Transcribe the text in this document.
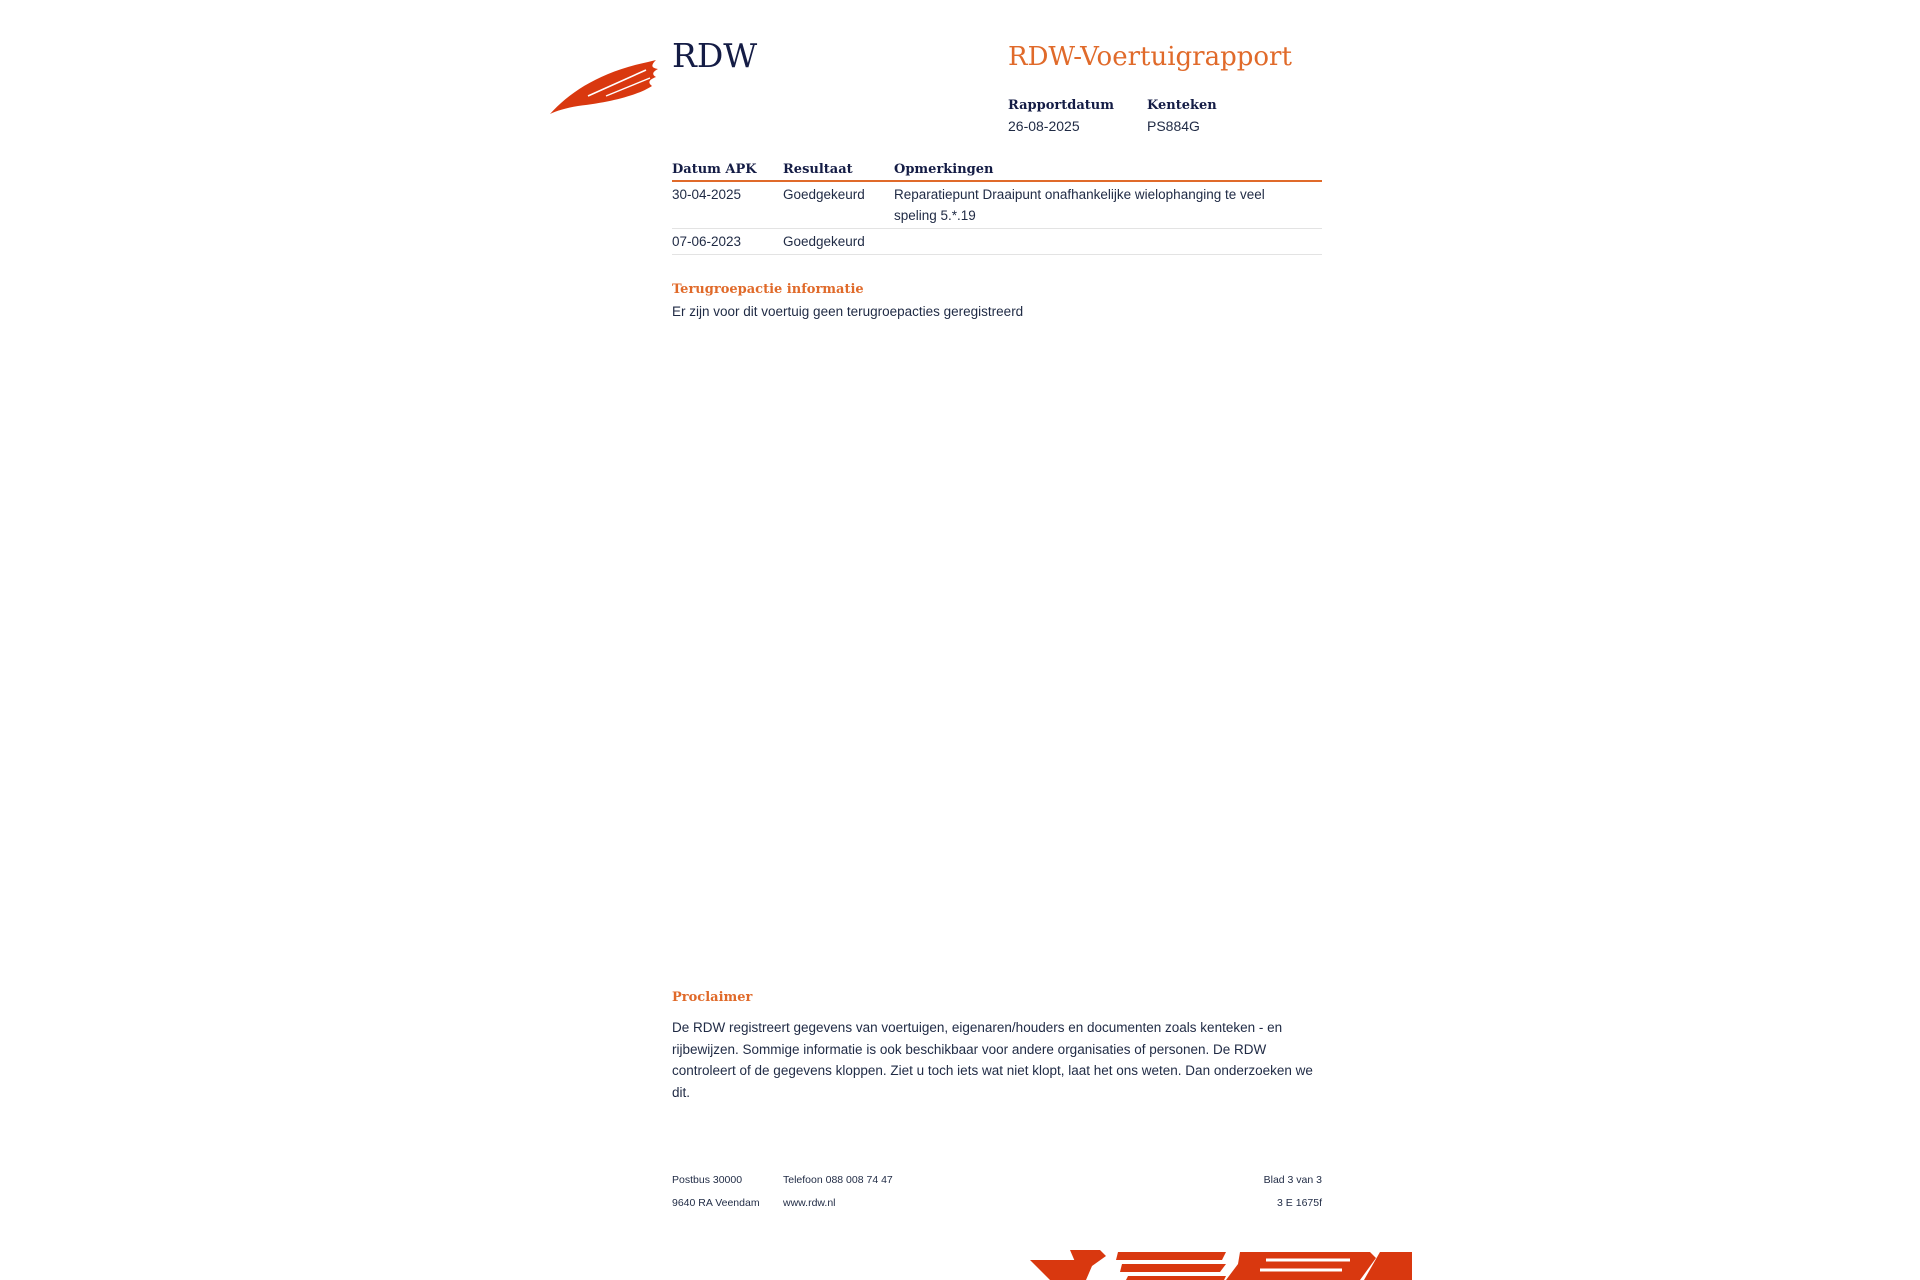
RDW	RDW-Voertuigrapport
Rapportdatum
26-08-2025
Kenteken
PS884G
Datum APK	Resultaat	Opmerkingen
30-04-2025	Goedgekeurd	Reparatiepunt Draaipunt onafhankelijke wielophanging te veel speling 5.*.19
07-06-2023	Goedgekeurd	
Terugroepactie informatie
Er zijn voor dit voertuig geen terugroepacties geregistreerd
Proclaimer
De RDW registreert gegevens van voertuigen, eigenaren/houders en documenten zoals kenteken - en rijbewijzen. Sommige informatie is ook beschikbaar voor andere organisaties of personen. De RDW controleert of de gegevens kloppen. Ziet u toch iets wat niet klopt, laat het ons weten. Dan onderzoeken we dit.
Postbus 30000
9640 RA Veendam
Telefoon 088 008 74 47
www.rdw.nl
Blad 3 van 3
3 E 1675f
